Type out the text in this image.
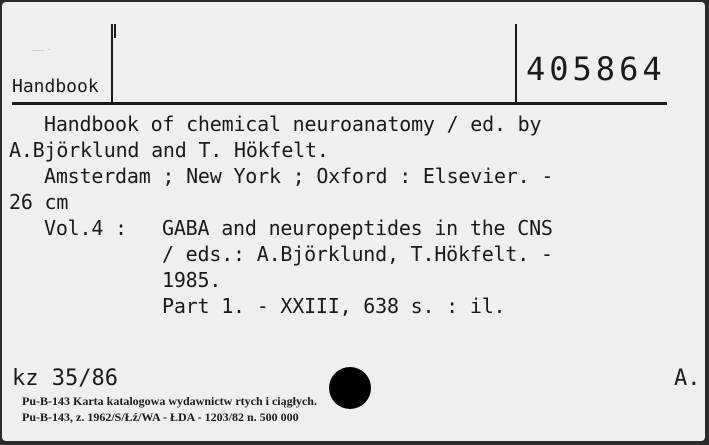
— ·
Handbook	405864
Handbook of chemical neuroanatomy / ed. by
A.Björklund and T. Hökfelt.
Amsterdam ; New York ; Oxford : Elsevier. -
26 cm
Vol.4 : GABA and neuropeptides in the CNS
/ eds.: A.Björklund, T.Hökfelt. -
1985.
Part 1. - XXIII, 638 s. : il.
kz 35/86	A.
Pu-B-143 Karta katalogowa wydawnictw rtych i ciągłych.
Pu-B-143, z. 1962/S/Łź/WA - ŁDA - 1203/82 n. 500 000
